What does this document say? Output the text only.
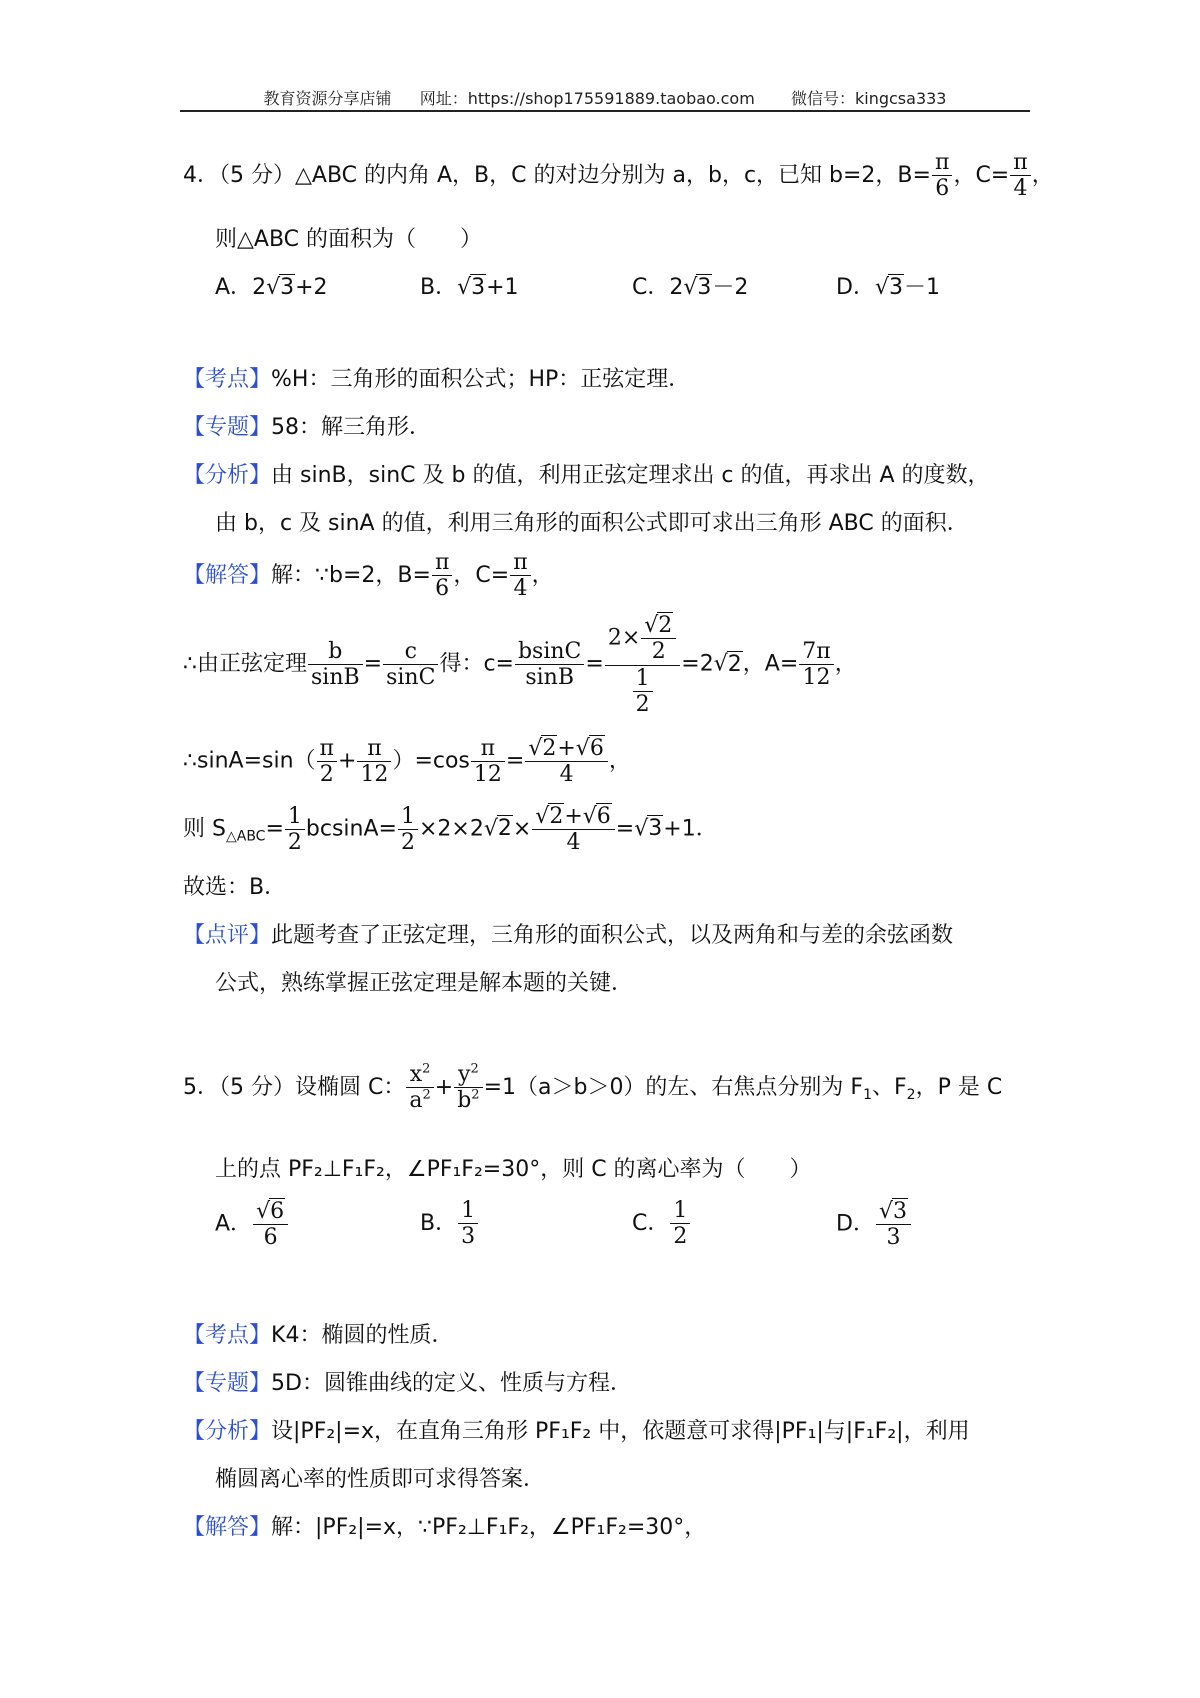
教育资源分享店铺 网址：https://shop175591889.taobao.com 微信号：kingcsa333
4．（5 分）△ABC 的内角 A，B，C 的对边分别为 a，b，c，已知 b=2，$B= \frac{\pi}{6}$ ，$C= \frac{\pi}{4}$ ，
则△ABC 的面积为（　　）
A．2√3+2	B．√3+1	C．2√3－2	D．√3－1
【考点】%H：三角形的面积公式；HP：正弦定理．
【专题】58：解三角形．
【分析】由 sinB，sinC 及 b 的值，利用正弦定理求出 c 的值，再求出 A 的度数，
由 b，c 及 sinA 的值，利用三角形的面积公式即可求出三角形 ABC 的面积．
【解答】解：∵b=2，$B= \frac{\pi}{6}$ ，$C= \frac{\pi}{4}$ ，
∴由正弦定理 $\frac{b}{\sin B} = \frac{c}{\sin C}$ 得：$c= \frac{bsinC}{\sin B} = \frac{2\times \frac{√2}{2}}{\frac{1}{2}} =2√2$，$A= \frac{7\pi}{12}$ ，
∴sinA=sin（ $\frac{\pi}{2} + \frac{\pi}{12} )=\cos \frac{\pi}{12} = \frac{√2+√6}{4}$ ，
则 $S_{\triangle ABC}= \frac{1}{2} bcsinA= \frac{1}{2} \times 2\times 2√2\times \frac{√2+√6}{4} =√3+1$．
故选：B．
【点评】此题考查了正弦定理，三角形的面积公式，以及两角和与差的余弦函数
公式，熟练掌握正弦定理是解本题的关键．
5．（5 分）设椭圆 C： $\frac{x^2}{a^2} + \frac{y^2}{b^2} =1(a>b>0)$的左、右焦点分别为 $F_1$、$F_2$，P 是 C
上的点 PF₂⊥F₁F₂，∠PF₁F₂=30°，则 C 的离心率为（　　）
A． $\frac{√6}{6}$	B． $\frac{1}{3}$	C． $\frac{1}{2}$	D． $\frac{√3}{3}$
【考点】K4：椭圆的性质．
【专题】5D：圆锥曲线的定义、性质与方程．
【分析】设|PF₂|=x，在直角三角形 PF₁F₂ 中，依题意可求得|PF₁|与|F₁F₂|，利用
椭圆离心率的性质即可求得答案．
【解答】解：|PF₂|=x，∵PF₂⊥F₁F₂，∠PF₁F₂=30°，
